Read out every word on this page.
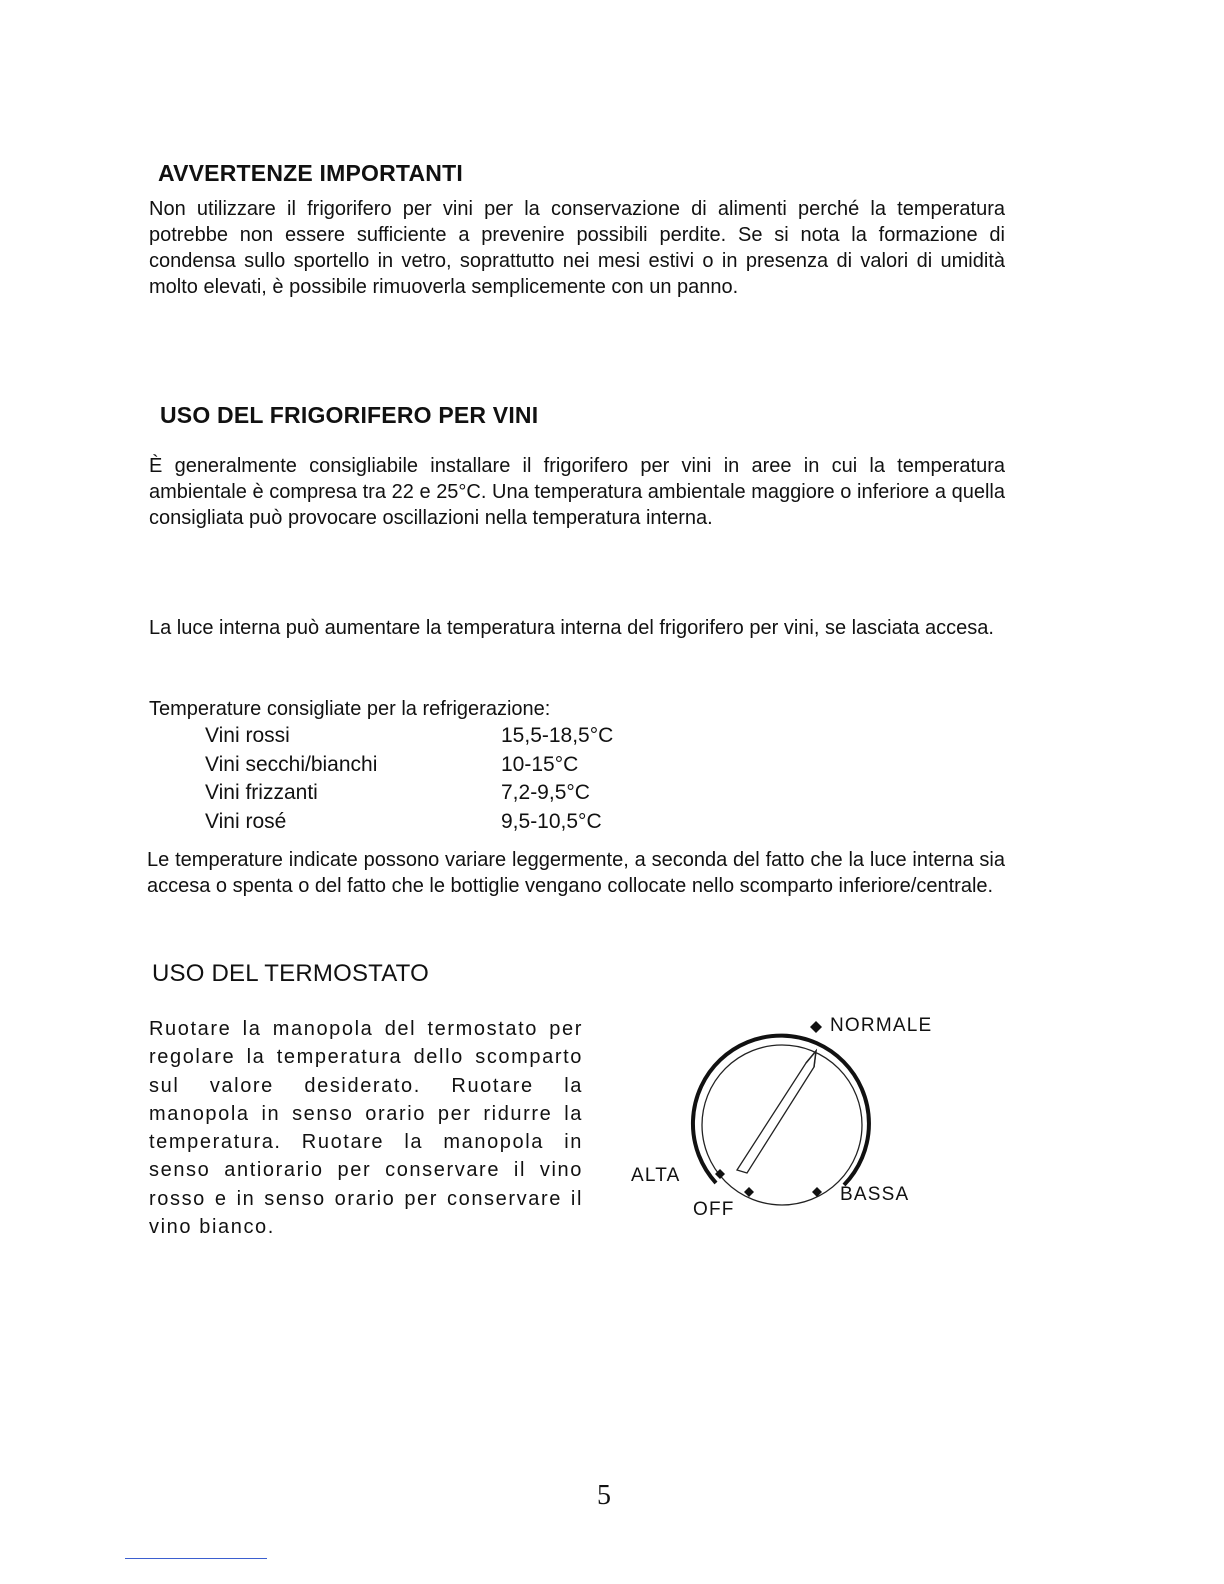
AVVERTENZE IMPORTANTI

Non utilizzare il frigorifero per vini per la conservazione di alimenti perché la temperatura potrebbe non essere sufficiente a prevenire possibili perdite. Se si nota la formazione di condensa sullo sportello in vetro, soprattutto nei mesi estivi o in presenza di valori di umidità molto elevati, è possibile rimuoverla semplicemente con un panno.

USO DEL FRIGORIFERO PER VINI

È generalmente consigliabile installare il frigorifero per vini in aree in cui la temperatura ambientale è compresa tra 22 e 25°C. Una temperatura ambientale maggiore o inferiore a quella consigliata può provocare oscillazioni nella temperatura interna.

La luce interna può aumentare la temperatura interna del frigorifero per vini, se lasciata accesa.

Temperature consigliate per la refrigerazione:

Vini rossi	15,5-18,5°C
Vini secchi/bianchi	10-15°C
Vini frizzanti	7,2-9,5°C
Vini rosé	9,5-10,5°C

Le temperature indicate possono variare leggermente, a seconda del fatto che la luce interna sia accesa o spenta o del fatto che le bottiglie vengano collocate nello scomparto inferiore/centrale.

USO DEL TERMOSTATO

Ruotare la manopola del termostato per regolare la temperatura dello scomparto sul valore desiderato. Ruotare la manopola in senso orario per ridurre la temperatura. Ruotare la manopola in senso antiorario per conservare il vino rosso e in senso orario per conservare il vino bianco.

NORMALE
ALTA
OFF
BASSA
5
